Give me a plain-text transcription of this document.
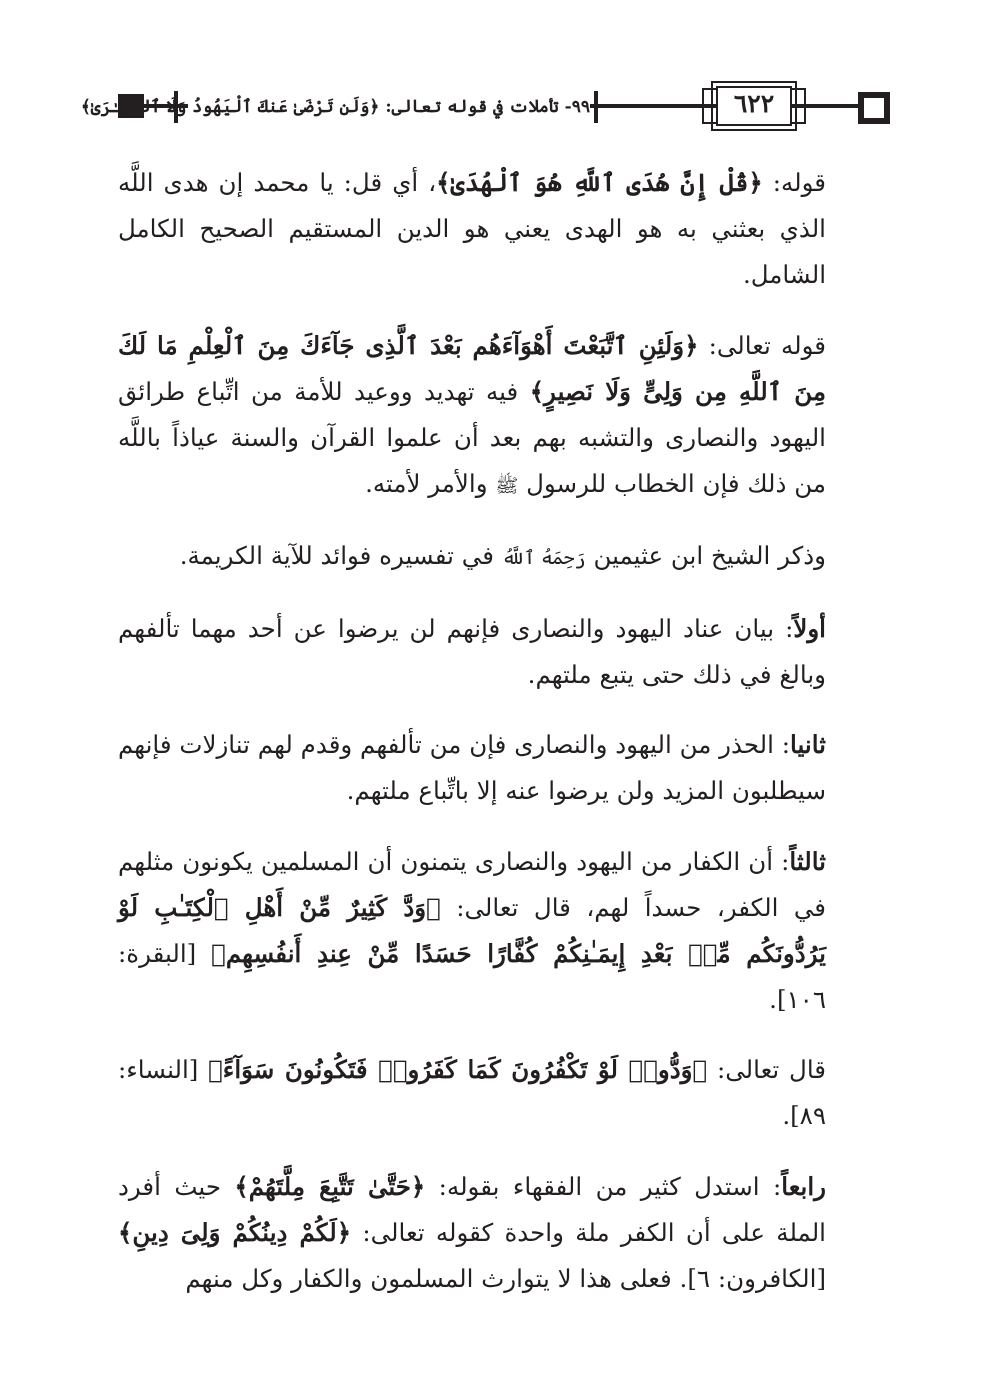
٩٩- تأملات في قوله تعالى: ﴿وَلَن تَرْضَىٰ عَنكَ ٱلْيَهُودُ وَلَا ٱلنَّصَـٰرَىٰ﴾	٦٢٢

قوله: ﴿قُلْ إِنَّ هُدَى ٱللَّهِ هُوَ ٱلْهُدَىٰ﴾، أي قل: يا محمد إن هدى اللَّه الذي بعثني به هو الهدى يعني هو الدين المستقيم الصحيح الكامل الشامل.

قوله تعالى: ﴿وَلَئِنِ ٱتَّبَعْتَ أَهْوَآءَهُم بَعْدَ ٱلَّذِى جَآءَكَ مِنَ ٱلْعِلْمِ مَا لَكَ مِنَ ٱللَّهِ مِن وَلِىٍّ وَلَا نَصِيرٍ﴾ فيه تهديد ووعيد للأمة من اتِّباع طرائق اليهود والنصارى والتشبه بهم بعد أن علموا القرآن والسنة عياذاً باللَّه من ذلك فإن الخطاب للرسول ﷺ والأمر لأمته.

وذكر الشيخ ابن عثيمين رَحِمَهُ ٱللَّهُ في تفسيره فوائد للآية الكريمة.

أولاً: بيان عناد اليهود والنصارى فإنهم لن يرضوا عن أحد مهما تألفهم وبالغ في ذلك حتى يتبع ملتهم.

ثانيا: الحذر من اليهود والنصارى فإن من تألفهم وقدم لهم تنازلات فإنهم سيطلبون المزيد ولن يرضوا عنه إلا باتِّباع ملتهم.

ثالثاً: أن الكفار من اليهود والنصارى يتمنون أن المسلمين يكونون مثلهم في الكفر، حسداً لهم، قال تعالى: ﴿وَدَّ كَثِيرٌ مِّنْ أَهْلِ ٱلْكِتَـٰبِ لَوْ يَرُدُّونَكُم مِّنۢ بَعْدِ إِيمَـٰنِكُمْ كُفَّارًا حَسَدًا مِّنْ عِندِ أَنفُسِهِم﴾ [البقرة: ١٠٦].

قال تعالى: ﴿وَدُّوا۟ لَوْ تَكْفُرُونَ كَمَا كَفَرُوا۟ فَتَكُونُونَ سَوَآءً﴾ [النساء: ٨٩].

رابعاً: استدل كثير من الفقهاء بقوله: ﴿حَتَّىٰ تَتَّبِعَ مِلَّتَهُمْ﴾ حيث أفرد الملة على أن الكفر ملة واحدة كقوله تعالى: ﴿لَكُمْ دِينُكُمْ وَلِىَ دِينِ﴾ [الكافرون: ٦]. فعلى هذا لا يتوارث المسلمون والكفار وكل منهم
